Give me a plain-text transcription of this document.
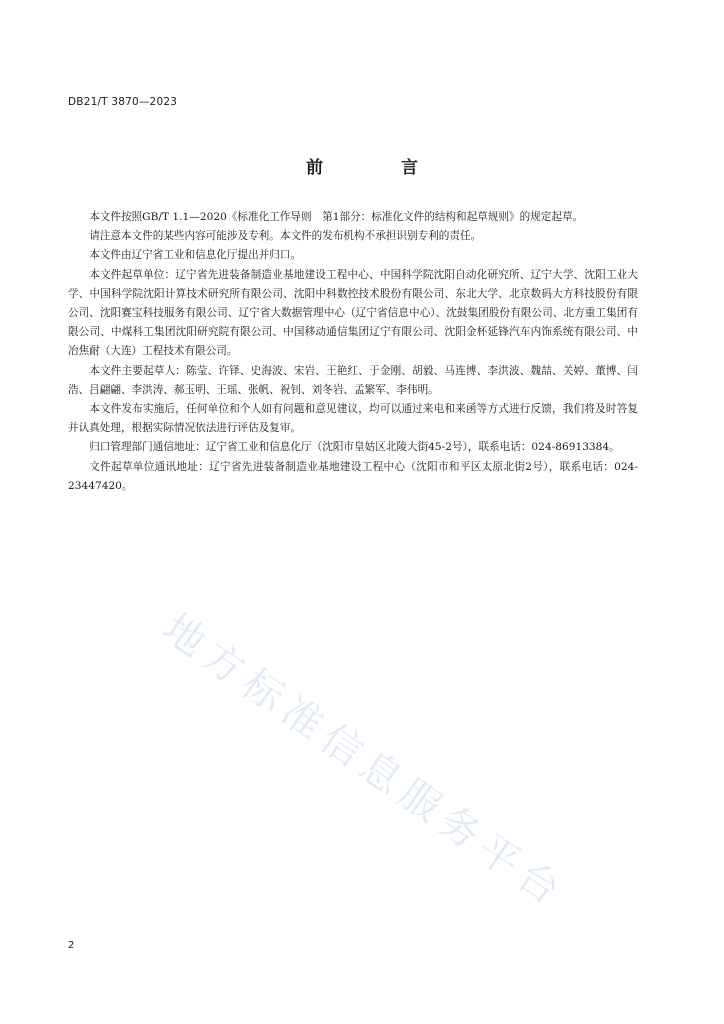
DB21/T 3870—2023
前 言

本文件按照GB/T 1.1—2020《标准化工作导则　第1部分：标准化文件的结构和起草规则》的规定起草。

请注意本文件的某些内容可能涉及专利。本文件的发布机构不承担识别专利的责任。

本文件由辽宁省工业和信息化厅提出并归口。

本文件起草单位：辽宁省先进装备制造业基地建设工程中心、中国科学院沈阳自动化研究所、辽宁大学、沈阳工业大学、中国科学院沈阳计算技术研究所有限公司、沈阳中科数控技术股份有限公司、东北大学、北京数码大方科技股份有限公司、沈阳赛宝科技服务有限公司、辽宁省大数据管理中心（辽宁省信息中心）、沈鼓集团股份有限公司、北方重工集团有限公司、中煤科工集团沈阳研究院有限公司、中国移动通信集团辽宁有限公司、沈阳金杯延锋汽车内饰系统有限公司、中冶焦耐（大连）工程技术有限公司。

本文件主要起草人：陈莹、许铎、史海波、宋岩、王艳红、于金刚、胡毅、马连博、李洪波、魏喆、关婷、董博、闫浩、吕翩翩、李洪涛、郝玉明、王瑶、张帆、祝钊、刘冬岩、孟繁军、李伟明。

本文件发布实施后，任何单位和个人如有问题和意见建议，均可以通过来电和来函等方式进行反馈，我们将及时答复并认真处理，根据实际情况依法进行评估及复审。

归口管理部门通信地址：辽宁省工业和信息化厅（沈阳市皇姑区北陵大街45-2号），联系电话：024-86913384。

文件起草单位通讯地址：辽宁省先进装备制造业基地建设工程中心（沈阳市和平区太原北街2号），联系电话：024-23447420。

地方标准信息服务平台
2
